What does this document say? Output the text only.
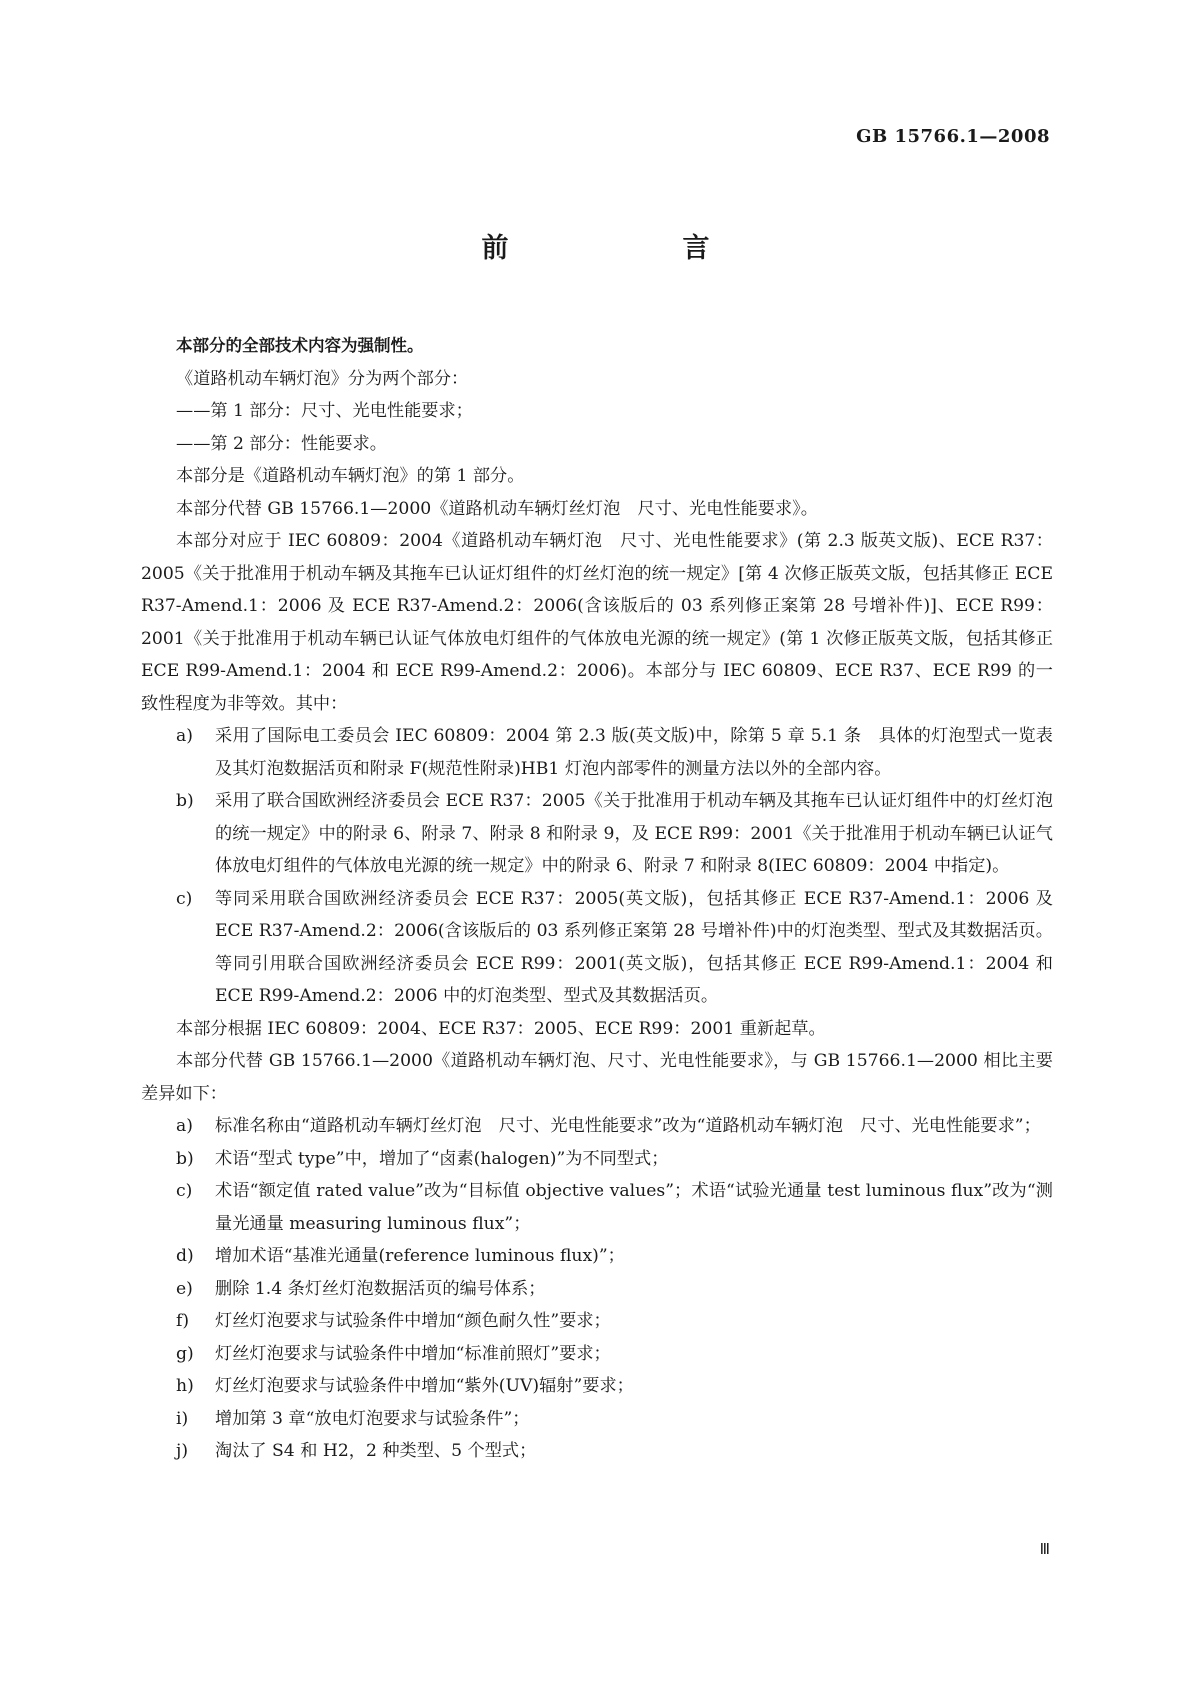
GB 15766.1—2008
前　　言

本部分的全部技术内容为强制性。

《道路机动车辆灯泡》分为两个部分：

——第 1 部分：尺寸、光电性能要求；

——第 2 部分：性能要求。

本部分是《道路机动车辆灯泡》的第 1 部分。

本部分代替 GB 15766.1—2000《道路机动车辆灯丝灯泡　尺寸、光电性能要求》。

本部分对应于 IEC 60809：2004《道路机动车辆灯泡　尺寸、光电性能要求》(第 2.3 版英文版)、ECE R37：2005《关于批准用于机动车辆及其拖车已认证灯组件的灯丝灯泡的统一规定》[第 4 次修正版英文版，包括其修正 ECE R37-Amend.1：2006 及 ECE R37-Amend.2：2006(含该版后的 03 系列修正案第 28 号增补件)]、ECE R99：2001《关于批准用于机动车辆已认证气体放电灯组件的气体放电光源的统一规定》(第 1 次修正版英文版，包括其修正 ECE R99-Amend.1：2004 和 ECE R99-Amend.2：2006)。本部分与 IEC 60809、ECE R37、ECE R99 的一致性程度为非等效。其中：

a) 采用了国际电工委员会 IEC 60809：2004 第 2.3 版(英文版)中，除第 5 章 5.1 条　具体的灯泡型式一览表及其灯泡数据活页和附录 F(规范性附录)HB1 灯泡内部零件的测量方法以外的全部内容。

b) 采用了联合国欧洲经济委员会 ECE R37：2005《关于批准用于机动车辆及其拖车已认证灯组件中的灯丝灯泡的统一规定》中的附录 6、附录 7、附录 8 和附录 9，及 ECE R99：2001《关于批准用于机动车辆已认证气体放电灯组件的气体放电光源的统一规定》中的附录 6、附录 7 和附录 8(IEC 60809：2004 中指定)。

c) 等同采用联合国欧洲经济委员会 ECE R37：2005(英文版)，包括其修正 ECE R37-Amend.1：2006 及 ECE R37-Amend.2：2006(含该版后的 03 系列修正案第 28 号增补件)中的灯泡类型、型式及其数据活页。等同引用联合国欧洲经济委员会 ECE R99：2001(英文版)，包括其修正 ECE R99-Amend.1：2004 和 ECE R99-Amend.2：2006 中的灯泡类型、型式及其数据活页。

本部分根据 IEC 60809：2004、ECE R37：2005、ECE R99：2001 重新起草。

本部分代替 GB 15766.1—2000《道路机动车辆灯泡、尺寸、光电性能要求》，与 GB 15766.1—2000 相比主要差异如下：

a) 标准名称由“道路机动车辆灯丝灯泡　尺寸、光电性能要求”改为“道路机动车辆灯泡　尺寸、光电性能要求”；

b) 术语“型式 type”中，增加了“卤素(halogen)”为不同型式；

c) 术语“额定值 rated value”改为“目标值 objective values”；术语“试验光通量 test luminous flux”改为“测量光通量 measuring luminous flux”；

d) 增加术语“基准光通量(reference luminous flux)”；

e) 删除 1.4 条灯丝灯泡数据活页的编号体系；

f) 灯丝灯泡要求与试验条件中增加“颜色耐久性”要求；

g) 灯丝灯泡要求与试验条件中增加“标准前照灯”要求；

h) 灯丝灯泡要求与试验条件中增加“紫外(UV)辐射”要求；

i) 增加第 3 章“放电灯泡要求与试验条件”；

j) 淘汰了 S4 和 H2，2 种类型、5 个型式；

Ⅲ
